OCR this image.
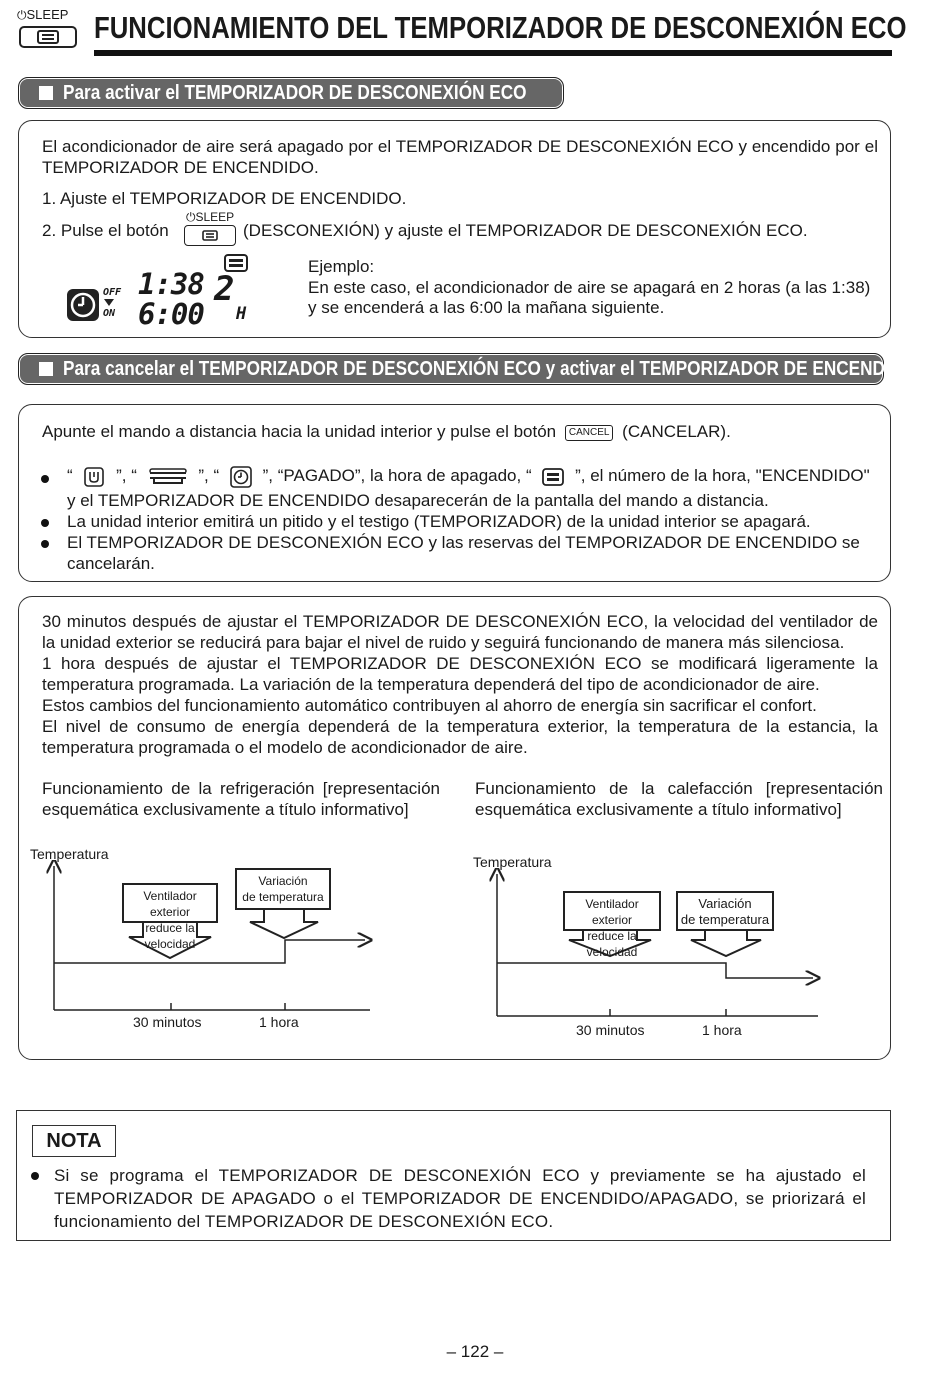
⏻SLEEP FUNCIONAMIENTO DEL TEMPORIZADOR DE DESCONEXIÓN ECO
Para activar el TEMPORIZADOR DE DESCONEXIÓN ECO
El acondicionador de aire será apagado por el TEMPORIZADOR DE DESCONEXIÓN ECO y encendido por el TEMPORIZADOR DE ENCENDIDO.
1. Ajuste el TEMPORIZADOR DE ENCENDIDO.
2. Pulse el botón
⏻SLEEP
(DESCONEXIÓN) y ajuste el TEMPORIZADOR DE DESCONEXIÓN ECO.
OFF
ON
1:38
6:00
2
H
Ejemplo:
En este caso, el acondicionador de aire se apagará en 2 horas (a las 1:38)
y se encenderá a las 6:00 la mañana siguiente.
Para cancelar el TEMPORIZADOR DE DESCONEXIÓN ECO y activar el TEMPORIZADOR DE ENCENDIDO
Apunte el mando a distancia hacia la unidad interior y pulse el botón CANCEL (CANCELAR).
“	”, “	”, “	”, “PAGADO”, la hora de apagado, “	”, el número de la hora, "ENCENDIDO"
y el TEMPORIZADOR DE ENCENDIDO desaparecerán de la pantalla del mando a distancia.
La unidad interior emitirá un pitido y el testigo (TEMPORIZADOR) de la unidad interior se apagará.
El TEMPORIZADOR DE DESCONEXIÓN ECO y las reservas del TEMPORIZADOR DE ENCENDIDO se cancelarán.
30 minutos después de ajustar el TEMPORIZADOR DE DESCONEXIÓN ECO, la velocidad del ventilador de la unidad exterior se reducirá para bajar el nivel de ruido y seguirá funcionando de manera más silenciosa.
1 hora después de ajustar el TEMPORIZADOR DE DESCONEXIÓN ECO se modificará ligeramente la temperatura programada. La variación de la temperatura dependerá del tipo de acondicionador de aire.
Estos cambios del funcionamiento automático contribuyen al ahorro de energía sin sacrificar el confort.
El nivel de consumo de energía dependerá de la temperatura exterior, la temperatura de la estancia, la temperatura programada o el modelo de acondicionador de aire.
Funcionamiento de la refrigeración [representación esquemática exclusivamente a título informativo]
Funcionamiento de la calefacción [representación esquemática exclusivamente a título informativo]
Temperatura
Ventilador exterior
reduce la velocidad
Variación
de temperatura
30 minutos	1 hora
Temperatura
Ventilador exterior
reduce la velocidad
Variación
de temperatura
30 minutos	1 hora
NOTA
Si se programa el TEMPORIZADOR DE DESCONEXIÓN ECO y previamente se ha ajustado el TEMPORIZADOR DE APAGADO o el TEMPORIZADOR DE ENCENDIDO/APAGADO, se priorizará el funcionamiento del TEMPORIZADOR DE DESCONEXIÓN ECO.
– 122 –
